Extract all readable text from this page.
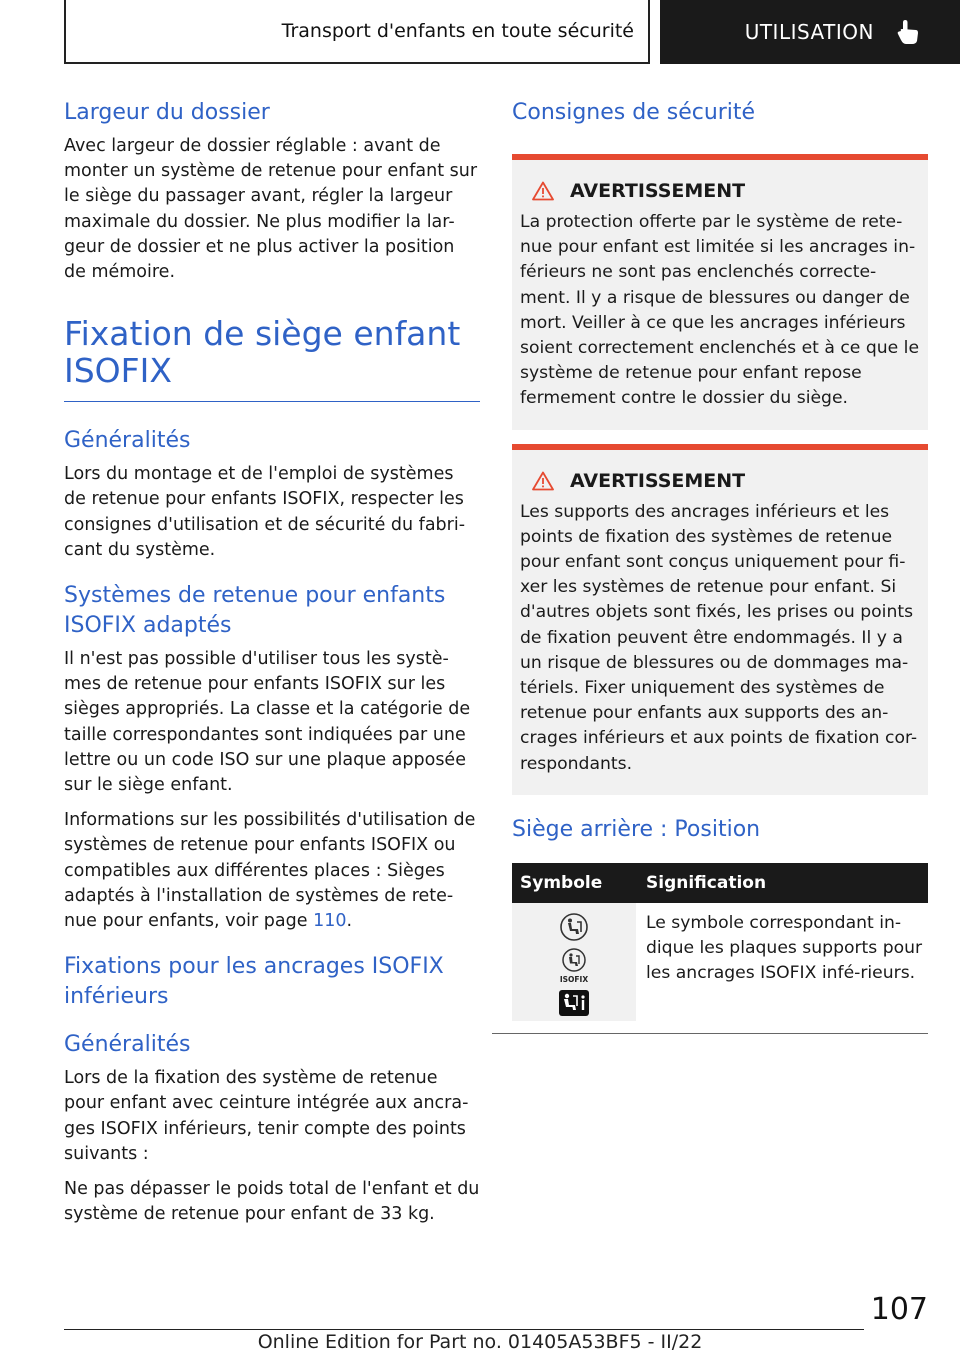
Transport d'enfants en toute sécurité	UTILISATION
Largeur du dossier

Avec largeur de dossier réglable : avant de monter un système de retenue pour enfant sur le siège du passager avant, régler la largeur maximale du dossier. Ne plus modifier la lar-geur de dossier et ne plus activer la position de mémoire.

Fixation de siège enfant ISOFIX
Généralités

Lors du montage et de l'emploi de systèmes de retenue pour enfants ISOFIX, respecter les consignes d'utilisation et de sécurité du fabri-cant du système.

Systèmes de retenue pour enfants ISOFIX adaptés

Il n'est pas possible d'utiliser tous les systè-mes de retenue pour enfants ISOFIX sur les sièges appropriés. La classe et la catégorie de taille correspondantes sont indiquées par une lettre ou un code ISO sur une plaque apposée sur le siège enfant.

Informations sur les possibilités d'utilisation de systèmes de retenue pour enfants ISOFIX ou compatibles aux différentes places : Sièges adaptés à l'installation de systèmes de rete-nue pour enfants, voir page 110.

Fixations pour les ancrages ISOFIX inférieurs
Généralités

Lors de la fixation des système de retenue pour enfant avec ceinture intégrée aux ancra-ges ISOFIX inférieurs, tenir compte des points suivants :

Ne pas dépasser le poids total de l'enfant et du système de retenue pour enfant de 33 kg.

Consignes de sécurité
AVERTISSEMENT

La protection offerte par le système de rete-nue pour enfant est limitée si les ancrages in-férieurs ne sont pas enclenchés correcte-ment. Il y a risque de blessures ou danger de mort. Veiller à ce que les ancrages inférieurs soient correctement enclenchés et à ce que le système de retenue pour enfant repose fermement contre le dossier du siège.

AVERTISSEMENT

Les supports des ancrages inférieurs et les points de fixation des systèmes de retenue pour enfant sont conçus uniquement pour fi-xer les systèmes de retenue pour enfant. Si d'autres objets sont fixés, les prises ou points de fixation peuvent être endommagés. Il y a un risque de blessures ou de dommages ma-tériels. Fixer uniquement des systèmes de retenue pour enfants aux supports des an-crages inférieurs et aux points de fixation cor-respondants.

Siège arrière : Position
Symbole	Signification

ISOFIX	Le symbole correspondant in-dique les plaques supports pour les ancrages ISOFIX infé-rieurs.
107
Online Edition for Part no. 01405A53BF5 - II/22
